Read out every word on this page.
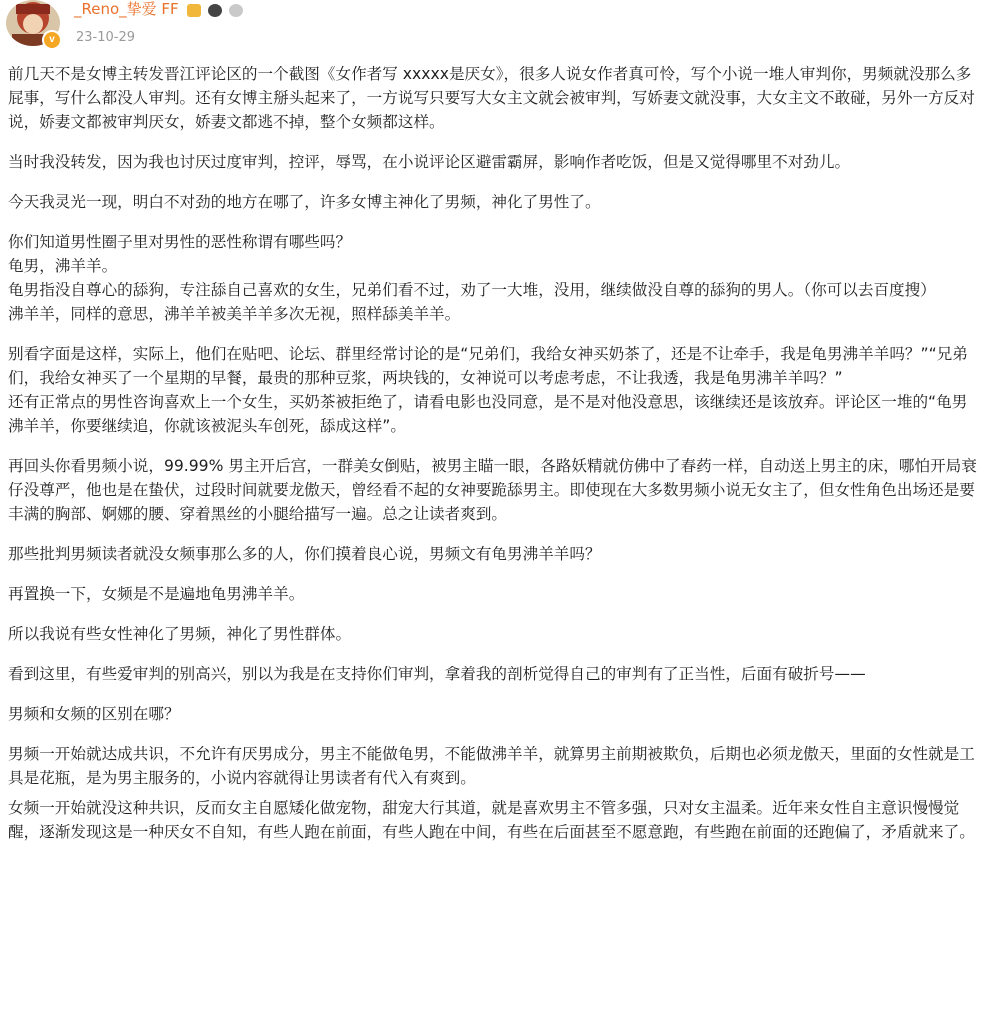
v
_Reno_挚爱 FF
23-10-29

前几天不是女博主转发晋江评论区的一个截图《女作者写 xxxxx是厌女》，很多人说女作者真可怜，写个小说一堆人审判你，男频就没那么多屁事，写什么都没人审判。还有女博主掰头起来了，一方说写只要写大女主文就会被审判，写娇妻文就没事，大女主文不敢碰，另外一方反对说，娇妻文都被审判厌女，娇妻文都逃不掉，整个女频都这样。

当时我没转发，因为我也讨厌过度审判，控评，辱骂，在小说评论区避雷霸屏，影响作者吃饭，但是又觉得哪里不对劲儿。

今天我灵光一现，明白不对劲的地方在哪了，许多女博主神化了男频，神化了男性了。

你们知道男性圈子里对男性的恶性称谓有哪些吗？

龟男，沸羊羊。

龟男指没自尊心的舔狗，专注舔自己喜欢的女生，兄弟们看不过，劝了一大堆，没用，继续做没自尊的舔狗的男人。（你可以去百度搜）

沸羊羊，同样的意思，沸羊羊被美羊羊多次无视，照样舔美羊羊。

别看字面是这样，实际上，他们在贴吧、论坛、群里经常讨论的是“兄弟们，我给女神买奶茶了，还是不让牵手，我是龟男沸羊羊吗？”“兄弟们，我给女神买了一个星期的早餐，最贵的那种豆浆，两块钱的，女神说可以考虑考虑，不让我透，我是龟男沸羊羊吗？”

还有正常点的男性咨询喜欢上一个女生，买奶茶被拒绝了，请看电影也没同意，是不是对他没意思，该继续还是该放弃。评论区一堆的“龟男沸羊羊，你要继续追，你就该被泥头车创死，舔成这样”。

再回头你看男频小说，99.99% 男主开后宫，一群美女倒贴，被男主瞄一眼，各路妖精就仿佛中了春药一样，自动送上男主的床，哪怕开局衰仔没尊严，他也是在蛰伏，过段时间就要龙傲天，曾经看不起的女神要跪舔男主。即使现在大多数男频小说无女主了，但女性角色出场还是要丰满的胸部、婀娜的腰、穿着黑丝的小腿给描写一遍。总之让读者爽到。

那些批判男频读者就没女频事那么多的人，你们摸着良心说，男频文有龟男沸羊羊吗？

再置换一下，女频是不是遍地龟男沸羊羊。

所以我说有些女性神化了男频，神化了男性群体。

看到这里，有些爱审判的别高兴，别以为我是在支持你们审判，拿着我的剖析觉得自己的审判有了正当性，后面有破折号——

男频和女频的区别在哪？

男频一开始就达成共识，不允许有厌男成分，男主不能做龟男，不能做沸羊羊，就算男主前期被欺负，后期也必须龙傲天，里面的女性就是工具是花瓶，是为男主服务的，小说内容就得让男读者有代入有爽到。

女频一开始就没这种共识，反而女主自愿矮化做宠物，甜宠大行其道，就是喜欢男主不管多强，只对女主温柔。近年来女性自主意识慢慢觉醒，逐渐发现这是一种厌女不自知，有些人跑在前面，有些人跑在中间，有些在后面甚至不愿意跑，有些跑在前面的还跑偏了，矛盾就来了。
